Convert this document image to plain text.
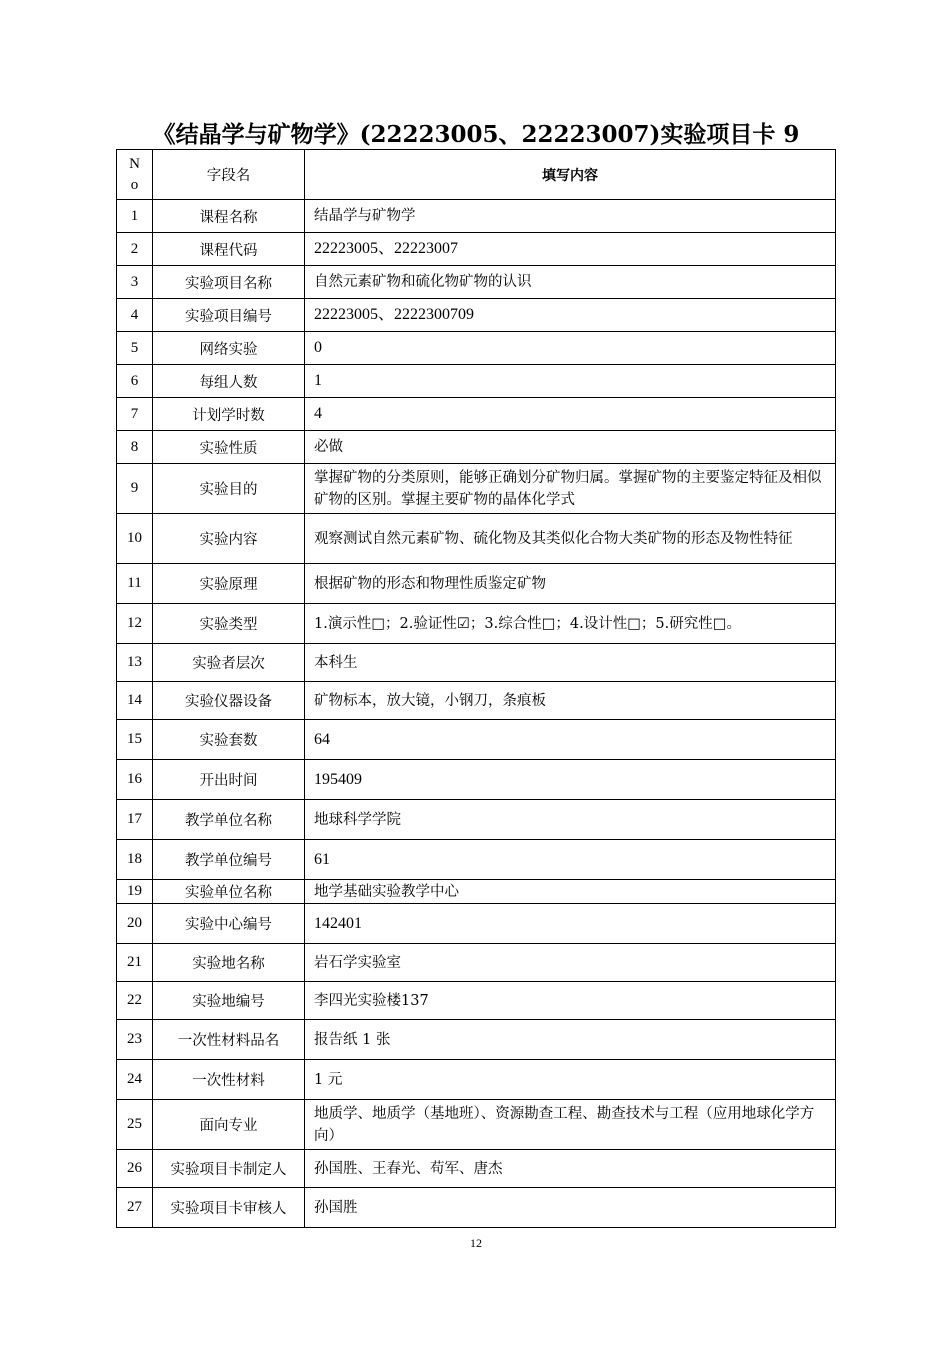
《结晶学与矿物学》(22223005、22223007)实验项目卡 9
N
o	字段名	填写内容
1	课程名称	结晶学与矿物学
2	课程代码	22223005、22223007
3	实验项目名称	自然元素矿物和硫化物矿物的认识
4	实验项目编号	22223005、2222300709
5	网络实验	0
6	每组人数	1
7	计划学时数	4
8	实验性质	必做
9	实验目的	掌握矿物的分类原则，能够正确划分矿物归属。掌握矿物的主要鉴定特征及相似矿物的区别。掌握主要矿物的晶体化学式
10	实验内容	观察测试自然元素矿物、硫化物及其类似化合物大类矿物的形态及物性特征
11	实验原理	根据矿物的形态和物理性质鉴定矿物
12	实验类型	1.演示性□；2.验证性☑；3.综合性□；4.设计性□；5.研究性□。
13	实验者层次	本科生
14	实验仪器设备	矿物标本，放大镜，小钢刀，条痕板
15	实验套数	64
16	开出时间	195409
17	教学单位名称	地球科学学院
18	教学单位编号	61
19	实验单位名称	地学基础实验教学中心
20	实验中心编号	142401
21	实验地名称	岩石学实验室
22	实验地编号	李四光实验楼137
23	一次性材料品名	报告纸 1 张
24	一次性材料	1 元
25	面向专业	地质学、地质学（基地班）、资源勘查工程、勘查技术与工程（应用地球化学方向）
26	实验项目卡制定人	孙国胜、王春光、苟军、唐杰
27	实验项目卡审核人	孙国胜
12
